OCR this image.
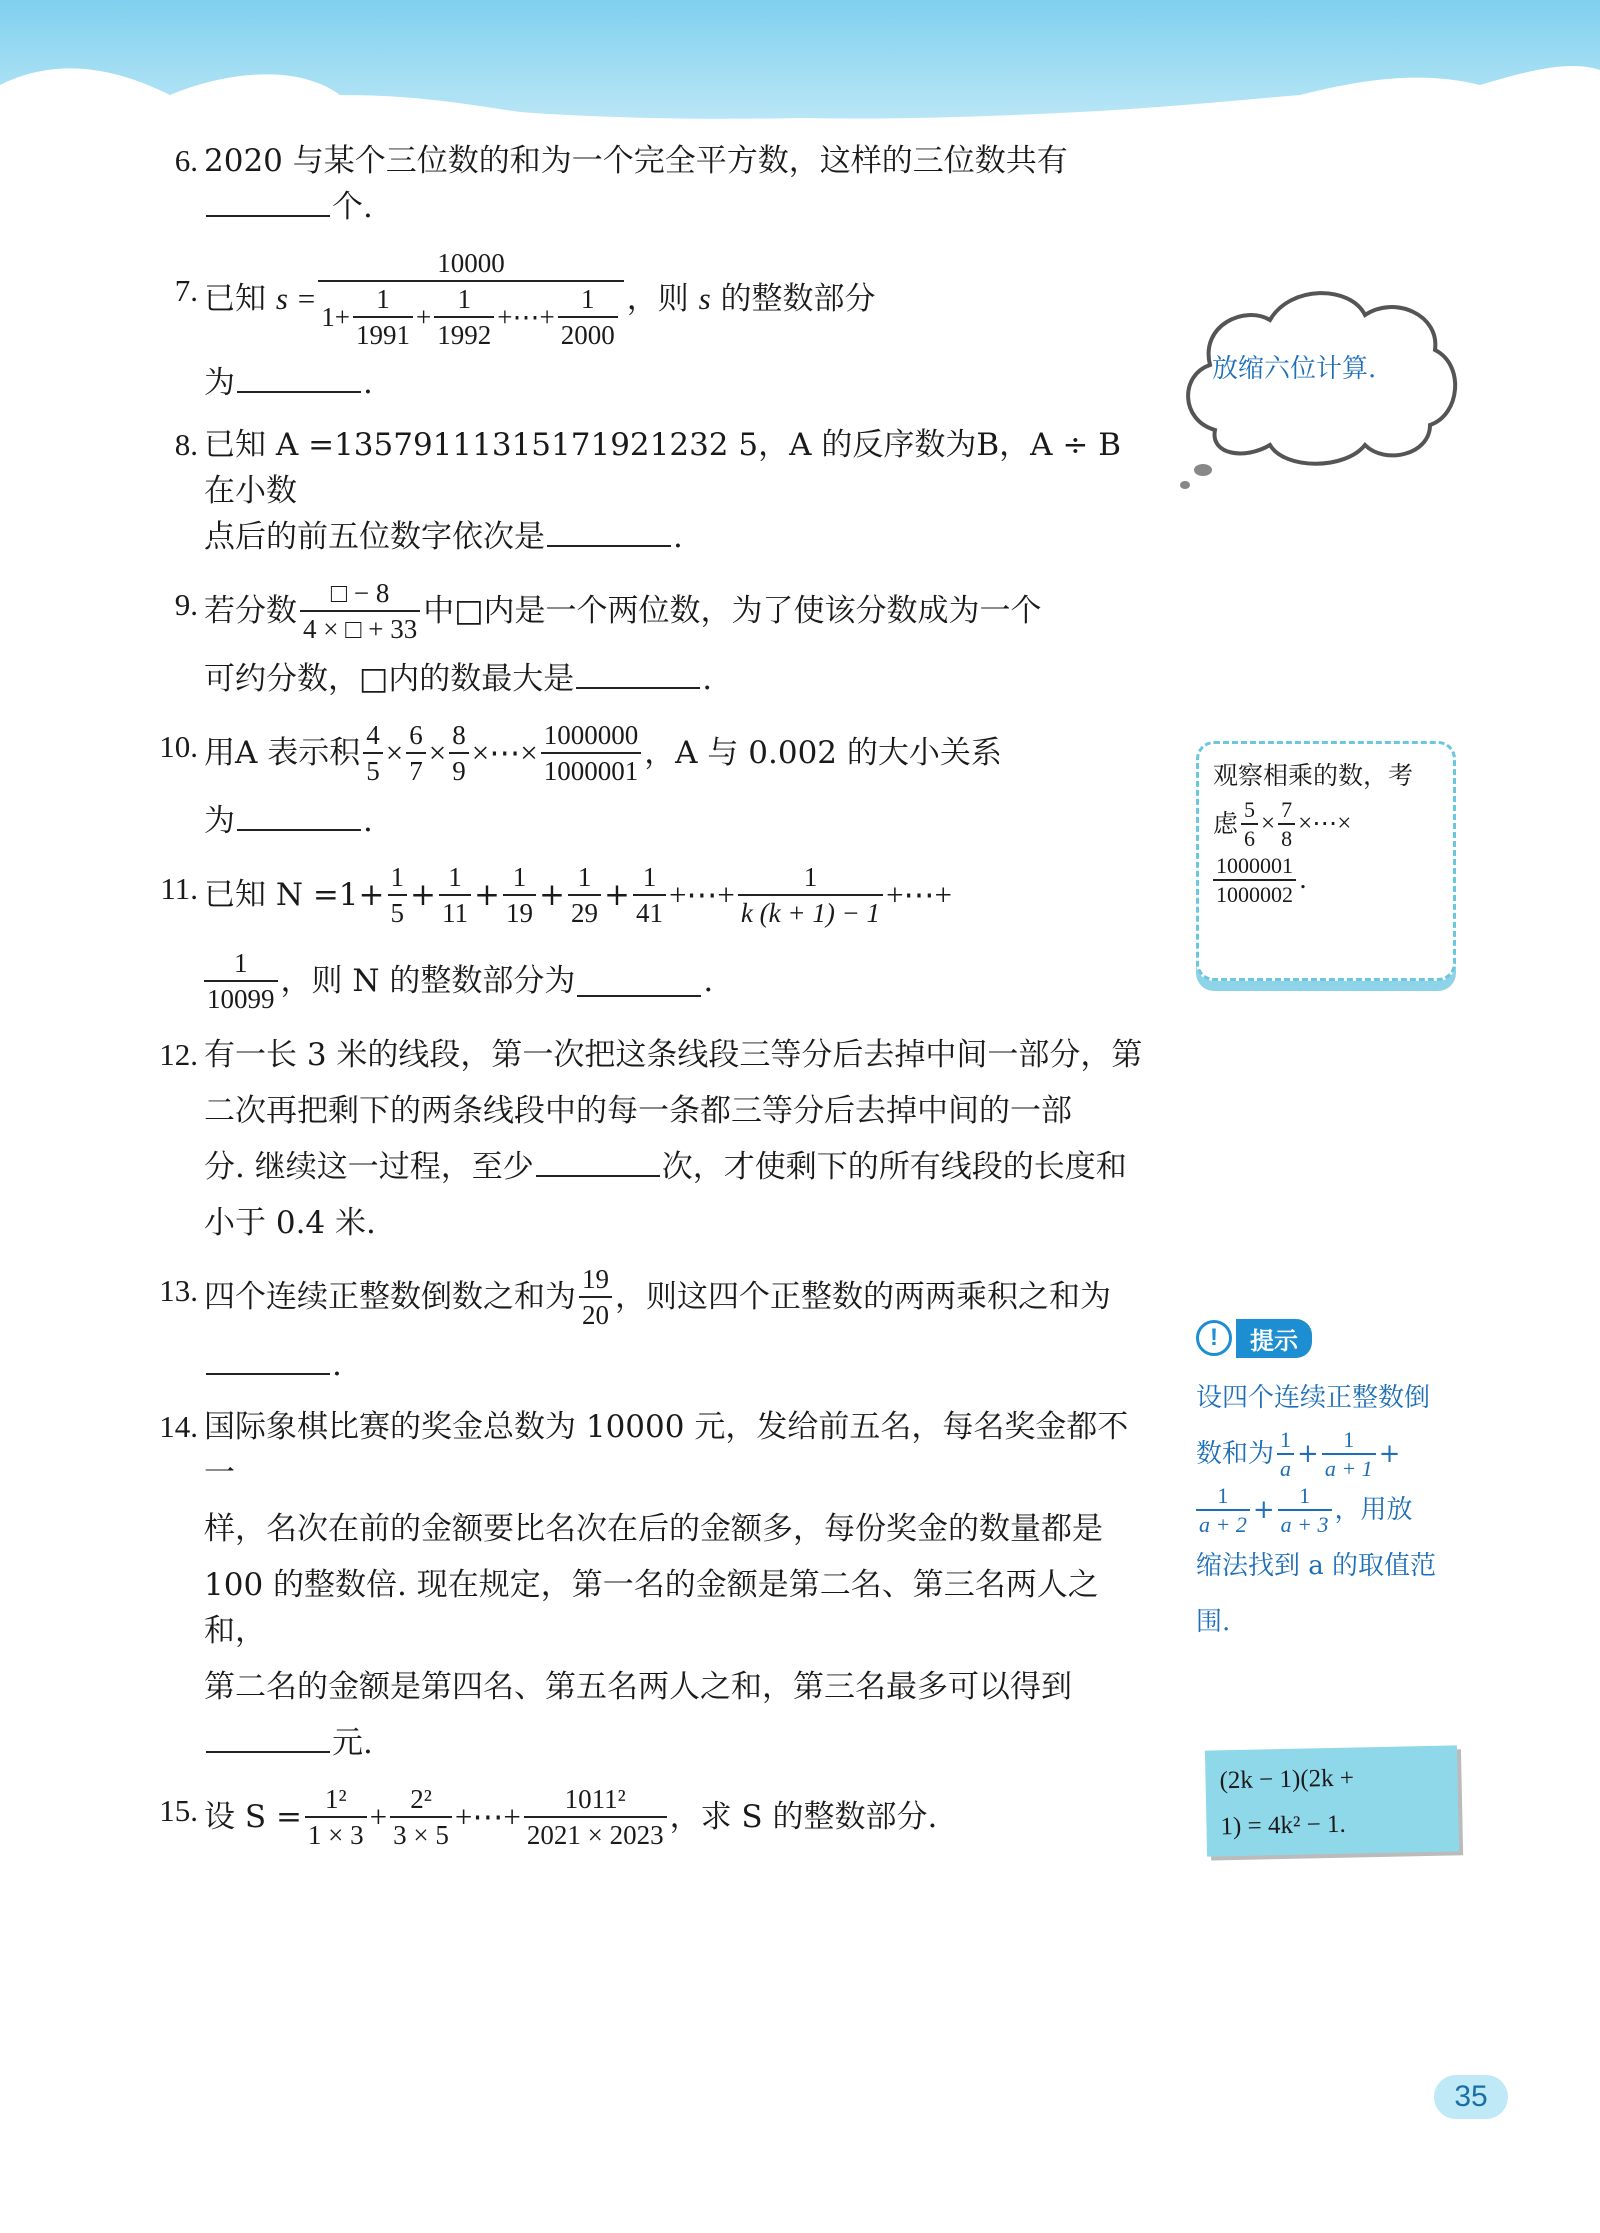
6. 2020 与某个三位数的和为一个完全平方数，这样的三位数共有
个.
7. 已知
s
=
10000
$1+ \frac{1}{1991} + \frac{1}{1992}$ +⋯+ $\frac{1}{2000}$ ，则
s
的整数部分
为	.
8. 已知 A =13579111315171921232 5，A 的反序数为B，A ÷ B 在小数
点后的前五位数字依次是	.
9. 若分数 $\frac{□ - 8}{4 \times □ + 33}$ 中□内是一个两位数，为了使该分数成为一个
可约分数，□内的数最大是	.
10. 用A 表示积 $\frac{4}{5} \times \frac{6}{7} \times \frac{8}{9}$ ×⋯× $\frac{1000000}{1000001}$ ，A 与 0.002 的大小关系
为	.
11. 已知 $N =1+ \frac{1}{5} + \frac{1}{11} + \frac{1}{19} + \frac{1}{29} + \frac{1}{41}$ +⋯+ $\frac{1}{k (k + 1) - 1}$ +⋯+
$\frac{1}{10099}$ ，则 N 的整数部分为	.
12. 有一长 3 米的线段，第一次把这条线段三等分后去掉中间一部分，第
二次再把剩下的两条线段中的每一条都三等分后去掉中间的一部
分. 继续这一过程，至少	次，才使剩下的所有线段的长度和
小于 0.4 米.
13. 四个连续正整数倒数之和为 $\frac{19}{20}$ ，则这四个正整数的两两乘积之和为
.
14. 国际象棋比赛的奖金总数为 10000 元，发给前五名，每名奖金都不一
样，名次在前的金额要比名次在后的金额多，每份奖金的数量都是
100 的整数倍. 现在规定，第一名的金额是第二名、第三名两人之和，
第二名的金额是第四名、第五名两人之和，第三名最多可以得到
元.
15. 设 $S = \frac{\text{1²}}{1 \times 3} + \frac{\text{2²}}{3 \times 5}$ +⋯+ $\frac{\text{1011²}}{2021 \times 2023}$ ，求 S 的整数部分.
放缩六位计算.
观察相乘的数，考
虑 $\frac{5}{6} \times \frac{7}{8}$ ×⋯×
$\frac{1000001}{1000002}$ .
!	提示
设四个连续正整数倒
数和为 $\frac{1}{a} + \frac{1}{a + 1}$ +
$\frac{1}{a + 2} + \frac{1}{a + 3}$ ，用放
缩法找到 a 的取值范
围.
(2k − 1)(2k +
1) = 4k² − 1.
35
